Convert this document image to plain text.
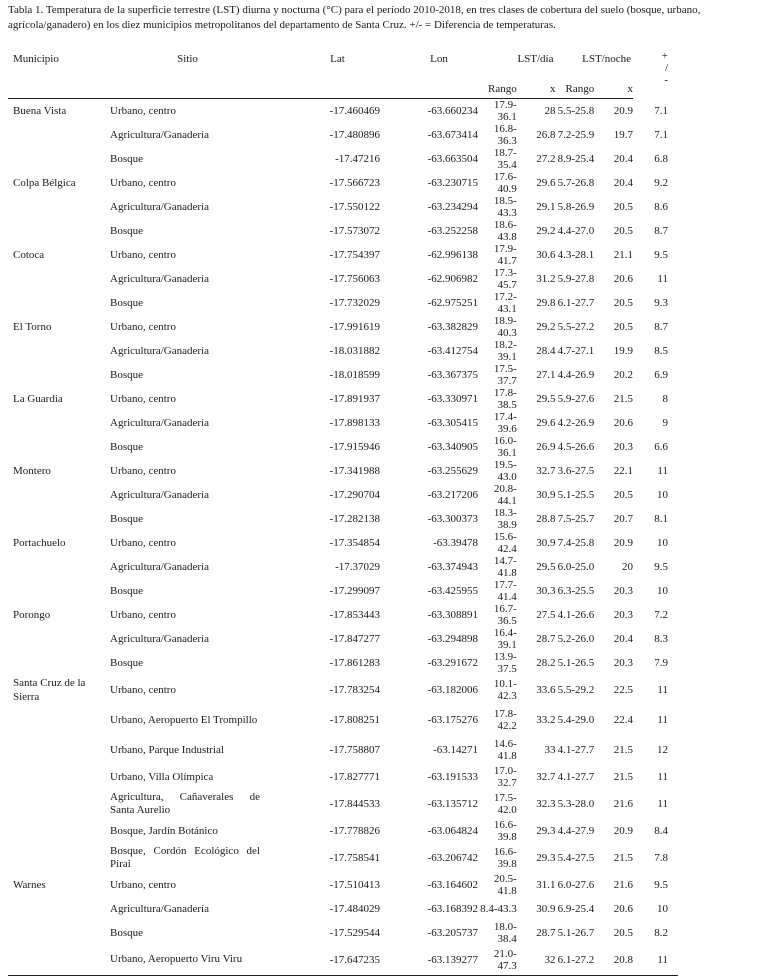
Tabla 1. Temperatura de la superficie terrestre (LST) diurna y nocturna (°C) para el período 2010-2018, en tres clases de cobertura del suelo (bosque, urbano, agrícola/ganadero) en los diez municipios metropolitanos del departamento de Santa Cruz. +/- = Diferencia de temperaturas.

Municipio	Sitio	Lat	Lon	LST/día		LST/noche		+
/
-

				Rango	x	Rango	x	
Buena Vista	Urbano, centro	-17.460469	-63.660234	17.9-36.1	28	5.5-25.8	20.9	7.1
	Agricultura/Ganadería	-17.480896	-63.673414	16.8-36.3	26.8	7.2-25.9	19.7	7.1
	Bosque	-17.47216	-63.663504	18.7-35.4	27.2	8.9-25.4	20.4	6.8
Colpa Bélgica	Urbano, centro	-17.566723	-63.230715	17.6-40.9	29.6	5.7-26.8	20.4	9.2
	Agricultura/Ganadería	-17.550122	-63.234294	18.5-43.3	29.1	5.8-26.9	20.5	8.6
	Bosque	-17.573072	-63.252258	18.6-43.8	29.2	4.4-27.0	20.5	8.7
Cotoca	Urbano, centro	-17.754397	-62.996138	17.9-41.7	30.6	4.3-28.1	21.1	9.5
	Agricultura/Ganadería	-17.756063	-62.906982	17.3-45.7	31.2	5.9-27.8	20.6	11
	Bosque	-17.732029	-62.975251	17.2-43.1	29.8	6.1-27.7	20.5	9.3
El Torno	Urbano, centro	-17.991619	-63.382829	18.9-40.3	29.2	5.5-27.2	20.5	8.7
	Agricultura/Ganadería	-18.031882	-63.412754	18.2-39.1	28.4	4.7-27.1	19.9	8.5
	Bosque	-18.018599	-63.367375	17.5-37.7	27.1	4.4-26.9	20.2	6.9
La Guardia	Urbano, centro	-17.891937	-63.330971	17.8-38.5	29.5	5.9-27.6	21.5	8
	Agricultura/Ganadería	-17.898133	-63.305415	17.4-39.6	29.6	4.2-26.9	20.6	9
	Bosque	-17.915946	-63.340905	16.0-36.1	26.9	4.5-26.6	20.3	6.6
Montero	Urbano, centro	-17.341988	-63.255629	19.5-43.0	32.7	3.6-27.5	22.1	11
	Agricultura/Ganadería	-17.290704	-63.217206	20.8-44.1	30.9	5.1-25.5	20.5	10
	Bosque	-17.282138	-63.300373	18.3-38.9	28.8	7.5-25.7	20.7	8.1
Portachuelo	Urbano, centro	-17.354854	-63.39478	15.6-42.4	30.9	7.4-25.8	20.9	10
	Agricultura/Ganadería	-17.37029	-63.374943	14.7-41.8	29.5	6.0-25.0	20	9.5
	Bosque	-17.299097	-63.425955	17.7-41.4	30.3	6.3-25.5	20.3	10
Porongo	Urbano, centro	-17.853443	-63.308891	16.7-36.5	27.5	4.1-26.6	20.3	7.2
	Agricultura/Ganadería	-17.847277	-63.294898	16.4-39.1	28.7	5.2-26.0	20.4	8.3
	Bosque	-17.861283	-63.291672	13.9-37.5	28.2	5.1-26.5	20.3	7.9
Santa Cruz de la Sierra	Urbano, centro	-17.783254	-63.182006	10.1-42.3	33.6	5.5-29.2	22.5	11

	Urbano, Aeropuerto El Trompillo	-17.808251	-63.175276	17.8-42.2	33.2	5.4-29.0	22.4	11

	Urbano, Parque Industrial	-17.758807	-63.14271	14.6-41.8	33	4.1-27.7	21.5	12
	Urbano, Villa Olímpica	-17.827771	-63.191533	17.0-32.7	32.7	4.1-27.7	21.5	11

	Agricultura, Cañaverales de Santa Aurelio	-17.844533	-63.135712	17.5-42.0	32.3	5.3-28.0	21.6	11
	Bosque, Jardín Botánico	-17.778826	-63.064824	16.6-39.8	29.3	4.4-27.9	20.9	8.4

	Bosque, Cordón Ecológico del Pirai	-17.758541	-63.206742	16.6-39.8	29.3	5.4-27.5	21.5	7.8
Warnes	Urbano, centro	-17.510413	-63.164602	20.5-41.8	31.1	6.0-27.6	21.6	9.5
	Agricultura/Ganadería	-17.484029	-63.168392	8.4-43.3	30.9	6.9-25.4	20.6	10
	Bosque	-17.529544	-63.205737	18.0-38.4	28.7	5.1-26.7	20.5	8.2

	Urbano, Aeropuerto Viru Viru	-17.647235	-63.139277	21.0-47.3	32	6.1-27.2	20.8	11
